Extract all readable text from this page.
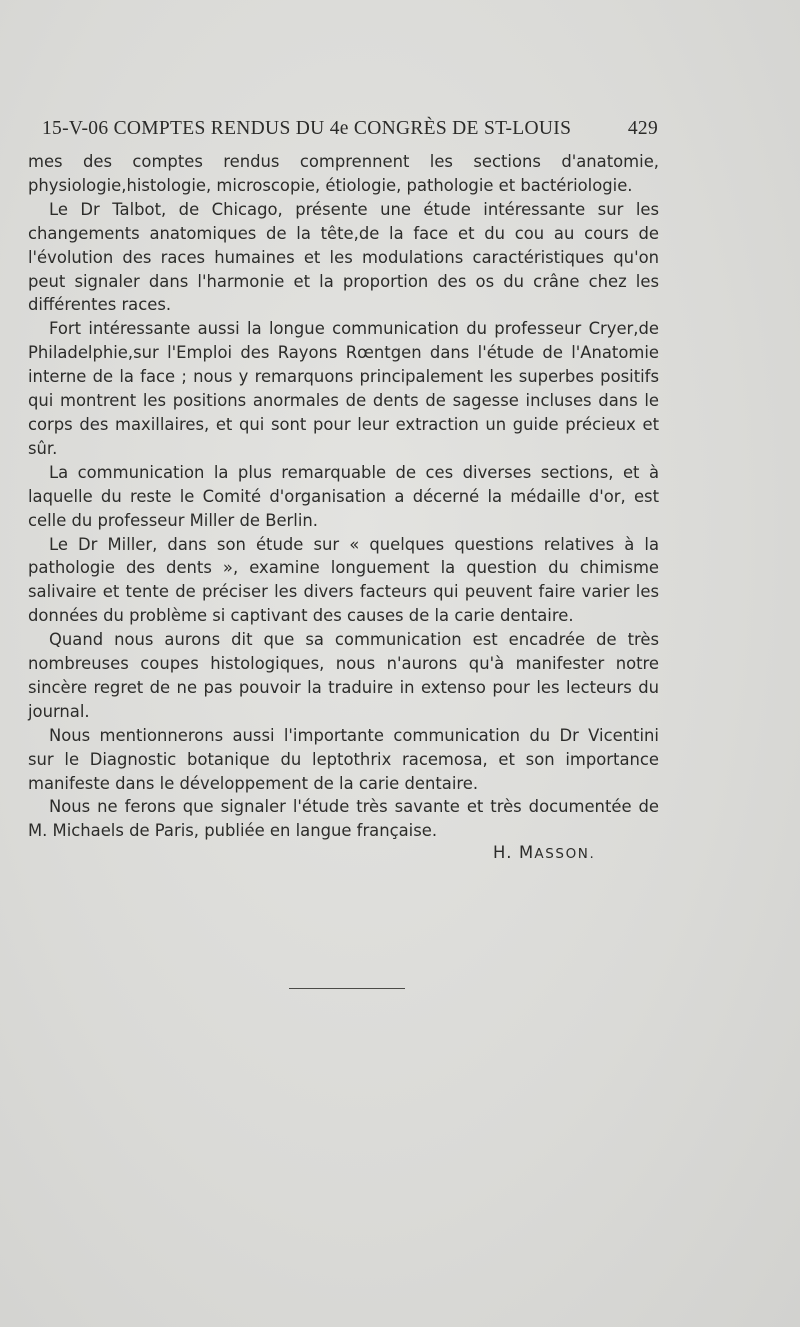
15-V-06 COMPTES RENDUS DU 4e CONGRÈS DE ST-LOUIS	429

mes des comptes rendus comprennent les sections d'anatomie, physiologie,histologie, microscopie, étiologie, pathologie et bactériologie.

Le Dr Talbot, de Chicago, présente une étude intéressante sur les changements anatomiques de la tête,de la face et du cou au cours de l'évolution des races humaines et les modulations caractéristiques qu'on peut signaler dans l'harmonie et la proportion des os du crâne chez les différentes races.

Fort intéressante aussi la longue communication du professeur Cryer,de Philadelphie,sur l'Emploi des Rayons Rœntgen dans l'étude de l'Anatomie interne de la face ; nous y remarquons principalement les superbes positifs qui montrent les positions anormales de dents de sagesse incluses dans le corps des maxillaires, et qui sont pour leur extraction un guide précieux et sûr.

La communication la plus remarquable de ces diverses sections, et à laquelle du reste le Comité d'organisation a décerné la médaille d'or, est celle du professeur Miller de Berlin.

Le Dr Miller, dans son étude sur « quelques questions relatives à la pathologie des dents », examine longuement la question du chimisme salivaire et tente de préciser les divers facteurs qui peuvent faire varier les données du problème si captivant des causes de la carie dentaire.

Quand nous aurons dit que sa communication est encadrée de très nombreuses coupes histologiques, nous n'aurons qu'à manifester notre sincère regret de ne pas pouvoir la traduire in extenso pour les lecteurs du journal.

Nous mentionnerons aussi l'importante communication du Dr Vicentini sur le Diagnostic botanique du leptothrix racemosa, et son importance manifeste dans le développement de la carie dentaire.

Nous ne ferons que signaler l'étude très savante et très documentée de M. Michaels de Paris, publiée en langue française.

H. MASSON.
